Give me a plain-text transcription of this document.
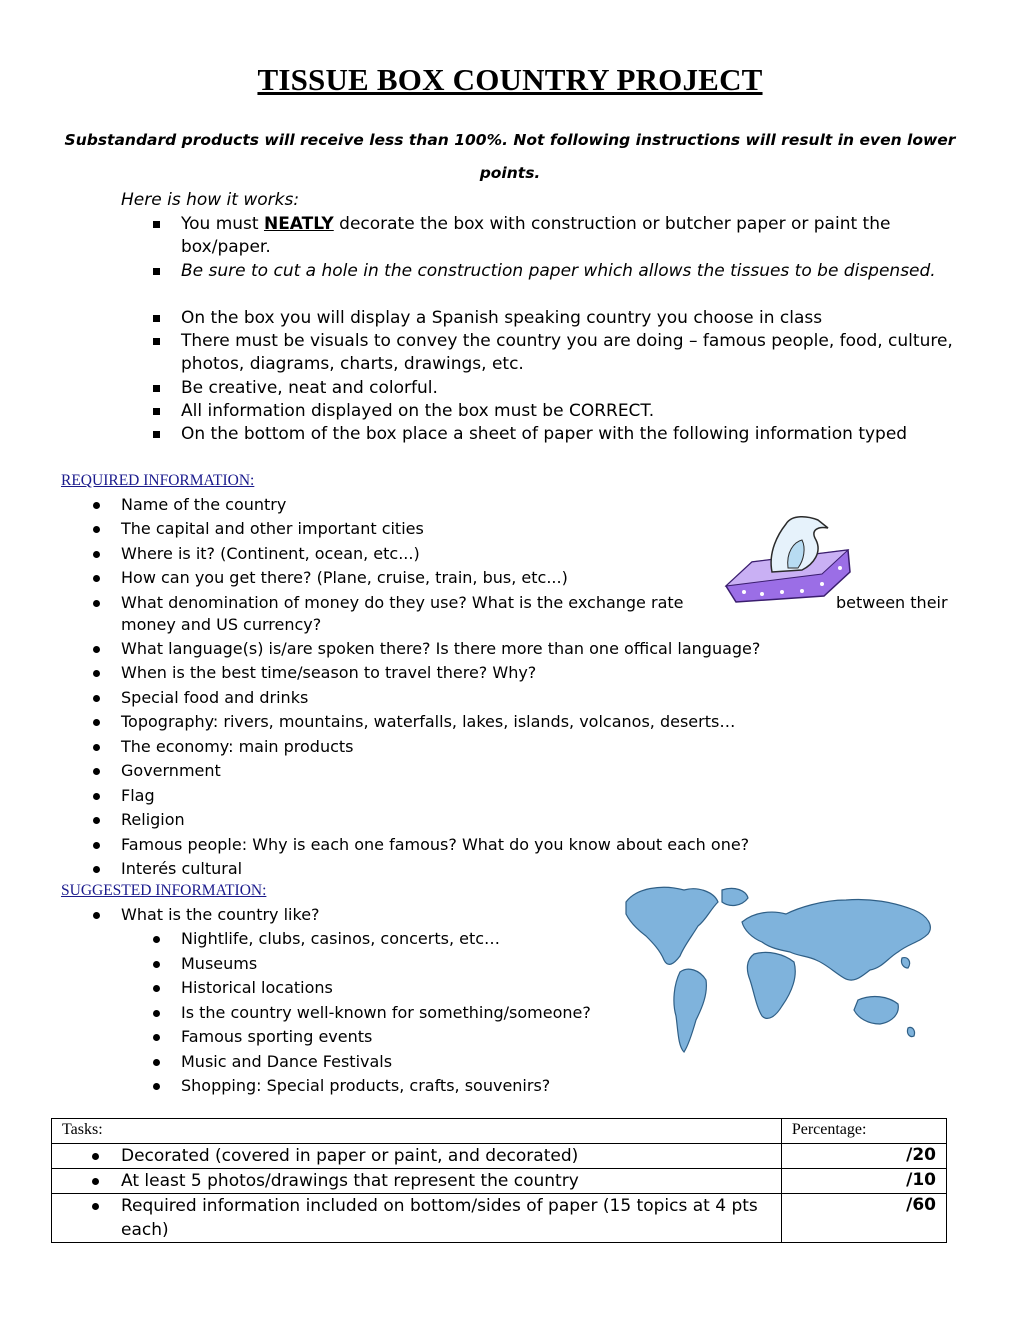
TISSUE BOX COUNTRY PROJECT
Substandard products will receive less than 100%. Not following instructions will result in even lower points.
Here is how it works:
You must NEATLY decorate the box with construction or butcher paper or paint the box/paper.
Be sure to cut a hole in the construction paper which allows the tissues to be dispensed.
On the box you will display a Spanish speaking country you choose in class
There must be visuals to convey the country you are doing – famous people, food, culture, photos, diagrams, charts, drawings, etc.
Be creative, neat and colorful.
All information displayed on the box must be CORRECT.
On the bottom of the box place a sheet of paper with the following information typed
REQUIRED INFORMATION:
Name of the country
The capital and other important cities
Where is it? (Continent, ocean, etc...)
How can you get there? (Plane, cruise, train, bus, etc...)
What denomination of money do they use? What is the exchange rate	between their
money and US currency?
What language(s) is/are spoken there? Is there more than one offical language?
When is the best time/season to travel there? Why?
Special food and drinks
Topography: rivers, mountains, waterfalls, lakes, islands, volcanos, deserts…
The economy: main products
Government
Flag
Religion
Famous people: Why is each one famous? What do you know about each one?
Interés cultural
SUGGESTED INFORMATION:
What is the country like?
Nightlife, clubs, casinos, concerts, etc…
Museums
Historical locations
Is the country well-known for something/someone?
Famous sporting events
Music and Dance Festivals
Shopping: Special products, crafts, souvenirs?
Tasks:	Percentage:

Decorated (covered in paper or paint, and decorated)	/20

At least 5 photos/drawings that represent the country	/10

Required information included on bottom/sides of paper (15 topics at 4 pts each)	/60
